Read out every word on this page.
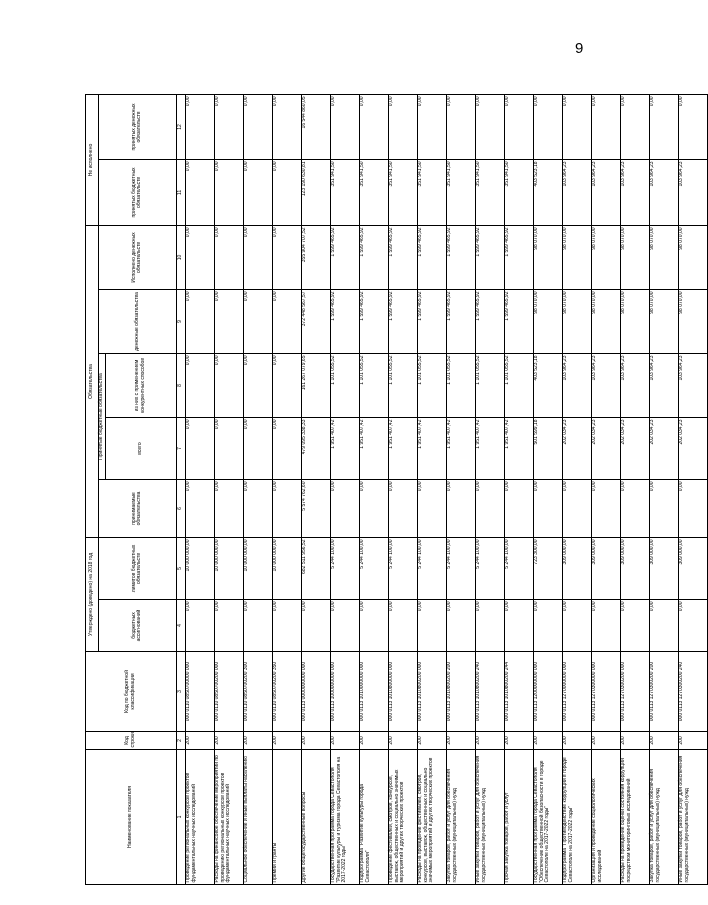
9
Наименование показателя	Код строки	Код по бюджетной классификации	Утверждено (доведено) на 2018 год		Обязательства					Не исполнено	
			бюджетных ассигнований	лимитов бюджетных обязательств	принимаемые обязательства	Принятые бюджетные обязательства		денежные обязательства	Исполнено денежных обязательств	принятых бюджетных обязательств	принятых денежных обязательств
						всего	из них с применением конкурентных способов				
1	2	3	4	5	6	7	8	9	10	11	12
Проведение региональных конкурсов проектов фундаментальных научных исследований	200	000 0110 0850700000 000	0,00	10 000 000,00	0,00	0,00	0,00	0,00	0,00	0,00	0,00
Расходы на финансовое обеспечение мероприятий по проведению региональных конкурсов проектов фундаментальных научных исследований	200	000 0110 0850700200 000	0,00	10 000 000,00	0,00	0,00	0,00	0,00	0,00	0,00	0,00
Социальное обеспечение и иные выплаты населению	200	000 0110 0850700200 300	0,00	10 000 000,00	0,00	0,00	0,00	0,00	0,00	0,00	0,00
Премии и гранты	200	000 0110 0850700200 350	0,00	10 000 000,00	0,00	0,00	0,00	0,00	0,00	0,00	0,00
Другие общегосударственные вопросы	200	000 0113 0000000000 000	0,00	682 511 956,52	5 574 762,60	479 095 338,33	161 267 079,65	372 448 567,57	355 904 707,52	123 190 630,81	16 544 860,05
Государственная программа города Севастополя "Развитие культуры и туризма города Севастополя на 2017-2022 годы"	200	000 0113 1000000000 000	0,00	5 244 100,00	0,00	1 951 407,42	1 101 055,52	1 599 465,92	1 599 465,92	351 941,50	0,00
Подпрограмма "Развитие культуры города Севастополя"	200	000 0113 1010000000 000	0,00	5 244 100,00	0,00	1 951 407,42	1 101 055,52	1 599 465,92	1 599 465,92	351 941,50	0,00
Проведение фестивалей, смотров, конкурсов, выставок, общественных и социально значимых мероприятий и других творческих проектов	200	000 0113 1010800000 000	0,00	5 244 100,00	0,00	1 951 407,42	1 101 055,52	1 599 465,92	1 599 465,92	351 941,50	0,00
Расходы на проведение фестивалей, смотров, конкурсов, выставок, общественных и социально значимых мероприятий и других творческих проектов	200	000 0113 1010800200 000	0,00	5 244 100,00	0,00	1 951 407,42	1 101 055,52	1 599 465,92	1 599 465,92	351 941,50	0,00
Закупка товаров, работ и услуг для обеспечения государственных (муниципальных) нужд	200	000 0113 1010800200 200	0,00	5 244 100,00	0,00	1 951 407,42	1 101 055,52	1 599 465,92	1 599 465,92	351 941,50	0,00
Иные закупки товаров, работ и услуг для обеспечения государственных (муниципальных) нужд	200	000 0113 1010800200 240	0,00	5 244 100,00	0,00	1 951 407,42	1 101 055,52	1 599 465,92	1 599 465,92	351 941,50	0,00
Прочая закупка товаров, работ и услуг	200	000 0113 1010800200 244	0,00	5 244 100,00	0,00	1 951 407,42	1 101 055,52	1 599 465,92	1 599 465,92	351 941,50	0,00
Государственная программа города Севастополя "Обеспечение общественной безопасности в городе Севастополе на 2017-2022 годы"	200	000 0113 1200000000 000	0,00	723 300,00	0,00	501 599,18	403 523,18	98 070,00	98 070,00	403 523,18	0,00
Подпрограмма "Противодействие коррупции в городе Севастополе на 2017-2022 годы"	200	000 0113 1270000000 000	0,00	309 000,00	0,00	202 034,23	103 964,23	98 070,00	98 070,00	103 964,23	0,00
Организация и проведение социологических исследований	200	000 0113 1270300000 000	0,00	309 000,00	0,00	202 034,23	103 964,23	98 070,00	98 070,00	103 964,23	0,00
Расходы на проведение оценки состояния коррупции посредством мониторинговых исследований	200	000 0113 1270300200 000	0,00	309 000,00	0,00	202 034,23	103 964,23	98 070,00	98 070,00	103 964,23	0,00
Закупка товаров, работ и услуг для обеспечения государственных (муниципальных) нужд	200	000 0113 1270300200 200	0,00	309 000,00	0,00	202 034,23	103 964,23	98 070,00	98 070,00	103 964,23	0,00
Иные закупки товаров, работ и услуг для обеспечения государственных (муниципальных) нужд	200	000 0113 1270300200 240	0,00	309 000,00	0,00	202 034,23	103 964,23	98 070,00	98 070,00	103 964,23	0,00
